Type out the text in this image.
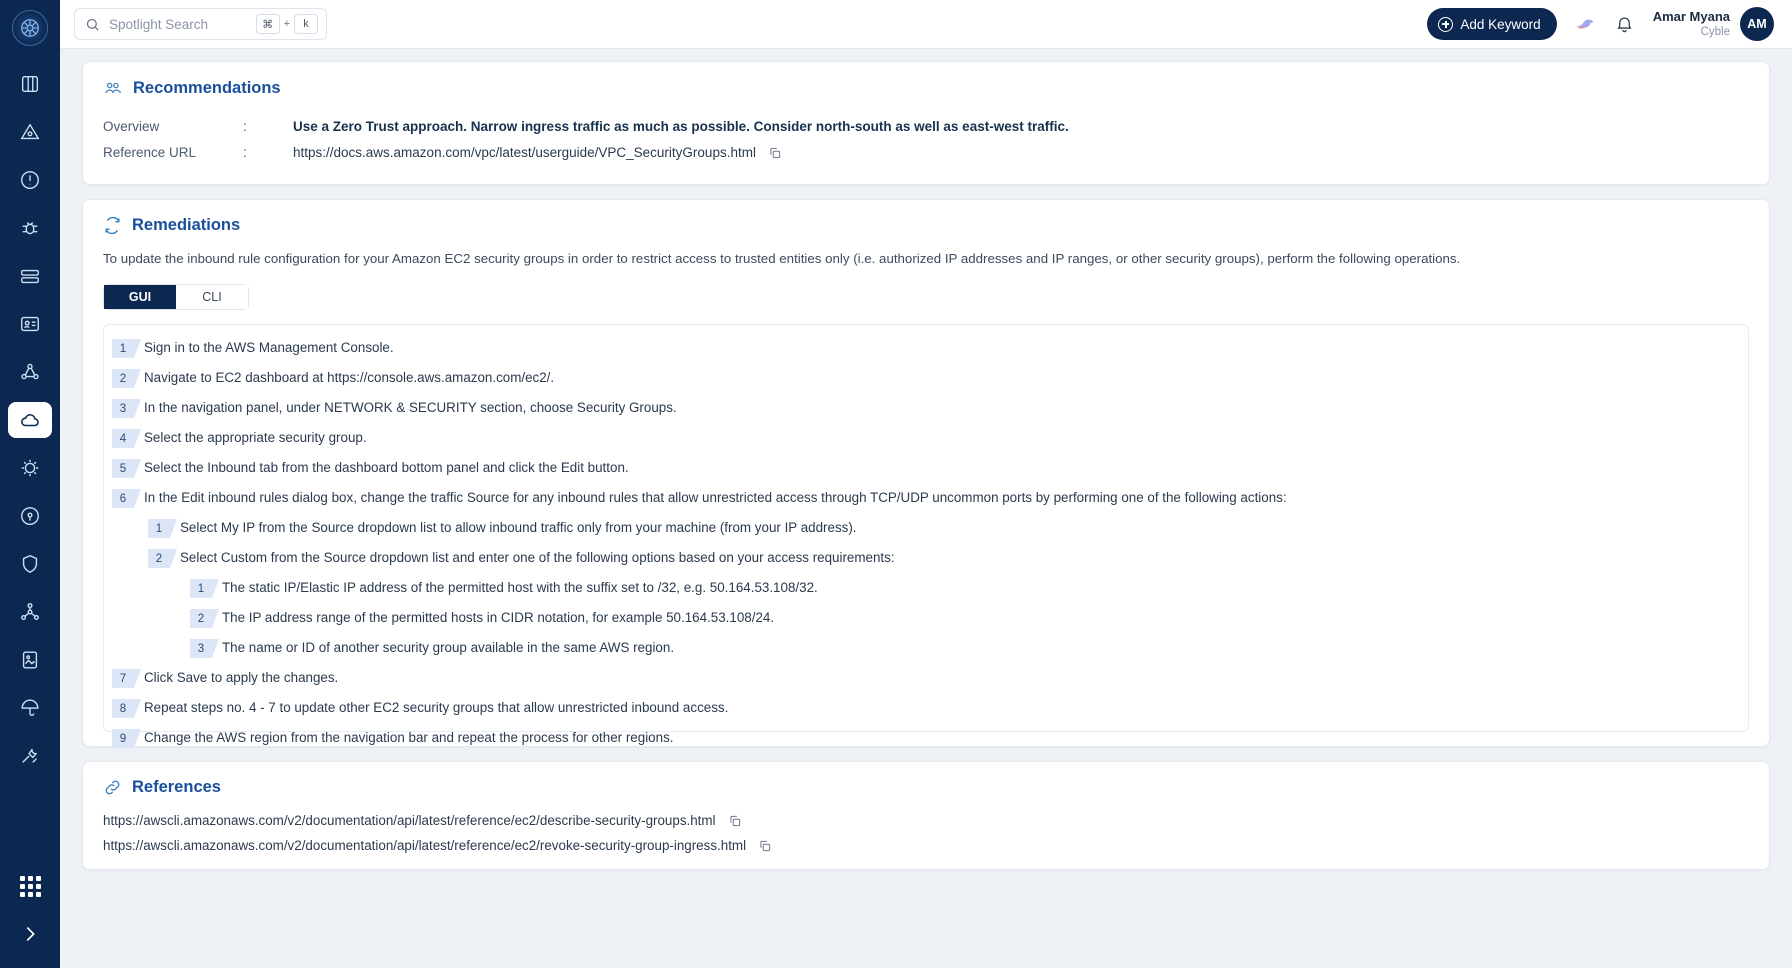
Spotlight Search	⌘ +	k	Add Keyword
Amar Myana
Cyble
AM
Recommendations
Overview	:	Use a Zero Trust approach. Narrow ingress traffic as much as possible. Consider north-south as well as east-west traffic.
Reference URL	:	https://docs.aws.amazon.com/vpc/latest/userguide/VPC_SecurityGroups.html
Remediations
To update the inbound rule configuration for your Amazon EC2 security groups in order to restrict access to trusted entities only (i.e. authorized IP addresses and IP ranges, or other security groups), perform the following operations.
GUI	CLI
1	Sign in to the AWS Management Console.
2	Navigate to EC2 dashboard at https://console.aws.amazon.com/ec2/.
3	In the navigation panel, under NETWORK & SECURITY section, choose Security Groups.
4	Select the appropriate security group.
5	Select the Inbound tab from the dashboard bottom panel and click the Edit button.
6	In the Edit inbound rules dialog box, change the traffic Source for any inbound rules that allow unrestricted access through TCP/UDP uncommon ports by performing one of the following actions:
1	Select My IP from the Source dropdown list to allow inbound traffic only from your machine (from your IP address).
2	Select Custom from the Source dropdown list and enter one of the following options based on your access requirements:
1	The static IP/Elastic IP address of the permitted host with the suffix set to /32, e.g. 50.164.53.108/32.
2	The IP address range of the permitted hosts in CIDR notation, for example 50.164.53.108/24.
3	The name or ID of another security group available in the same AWS region.
7	Click Save to apply the changes.
8	Repeat steps no. 4 - 7 to update other EC2 security groups that allow unrestricted inbound access.
9	Change the AWS region from the navigation bar and repeat the process for other regions.
References
https://awscli.amazonaws.com/v2/documentation/api/latest/reference/ec2/describe-security-groups.html
https://awscli.amazonaws.com/v2/documentation/api/latest/reference/ec2/revoke-security-group-ingress.html
